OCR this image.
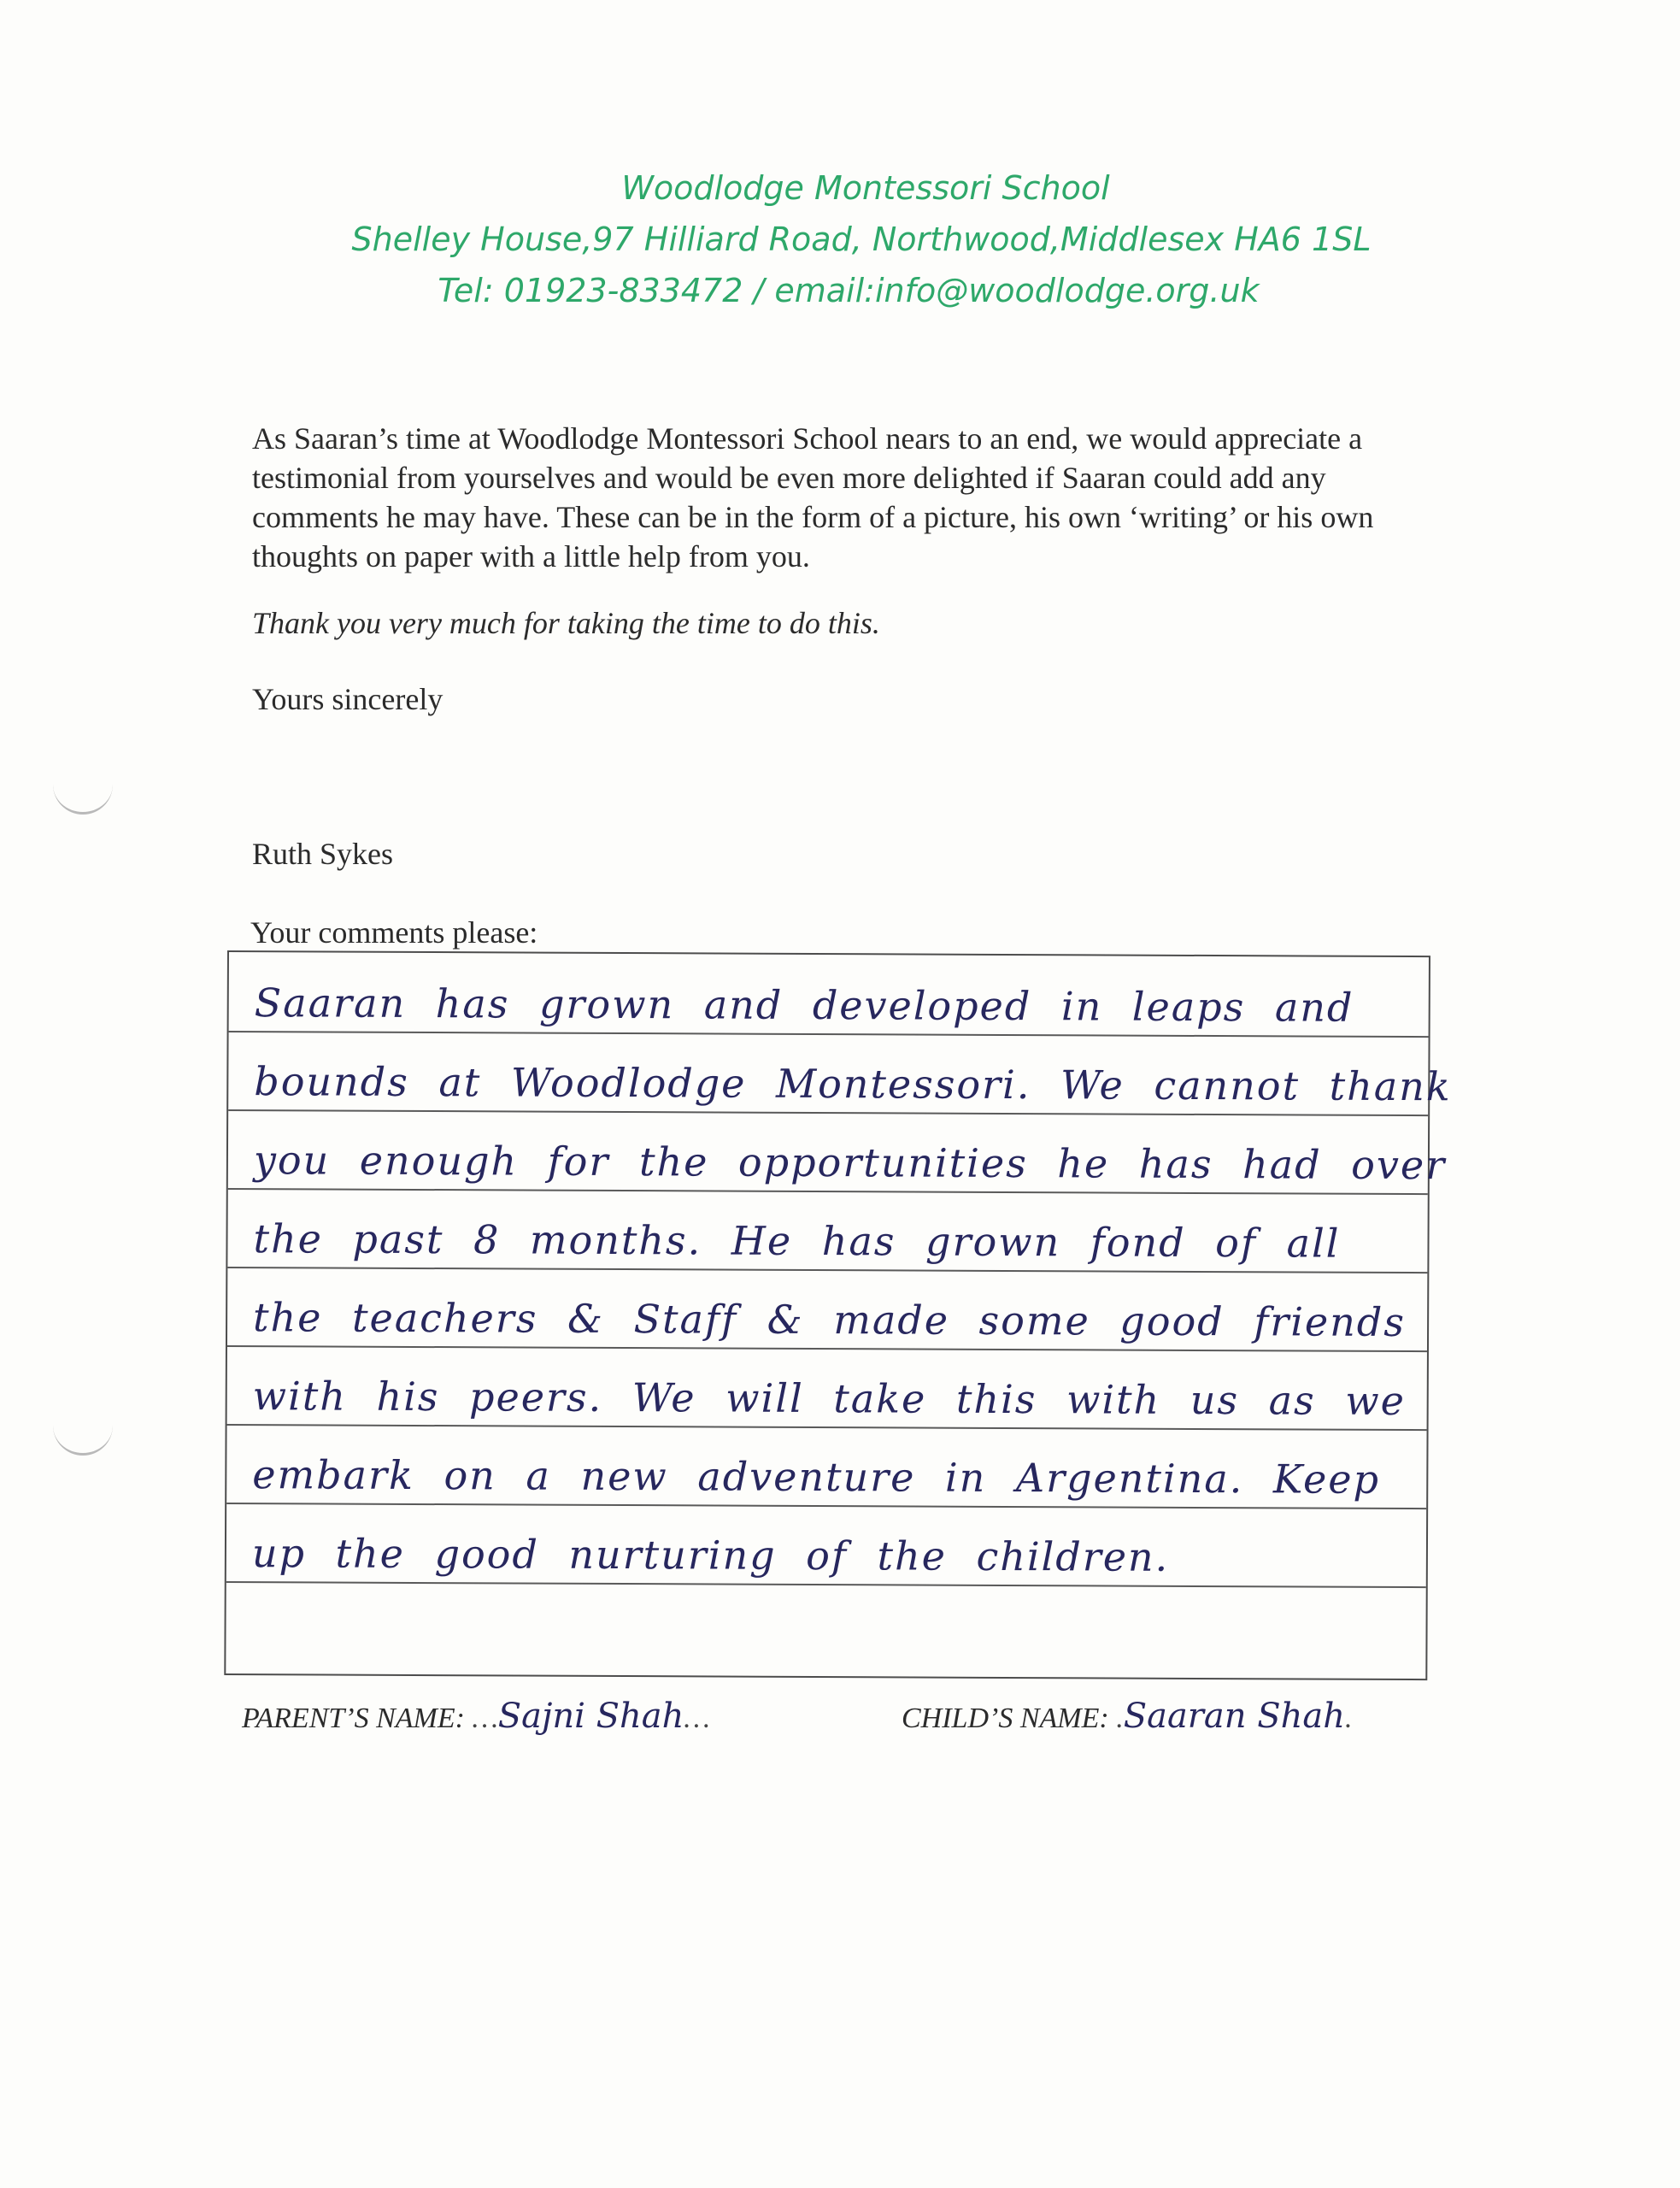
Woodlodge Montessori School
Shelley House,97 Hilliard Road, Northwood,Middlesex HA6 1SL
Tel: 01923-833472 / email:info@woodlodge.org.uk

As Saaran’s time at Woodlodge Montessori School nears to an end, we would appreciate a testimonial from yourselves and would be even more delighted if Saaran could add any comments he may have. These can be in the form of a picture, his own ‘writing’ or his own thoughts on paper with a little help from you.

Thank you very much for taking the time to do this.
Yours sincerely
Ruth Sykes
Your comments please:
Saaran has grown and developed in leaps and
bounds at Woodlodge Montessori. We cannot thank
you enough for the opportunities he has had over
the past 8 months. He has grown fond of all
the teachers & Staff & made some good friends
with his peers. We will take this with us as we
embark on a new adventure in Argentina. Keep
up the good nurturing of the children.
PARENT’S NAME: …Sajni Shah…	CHILD’S NAME: .Saaran Shah.
